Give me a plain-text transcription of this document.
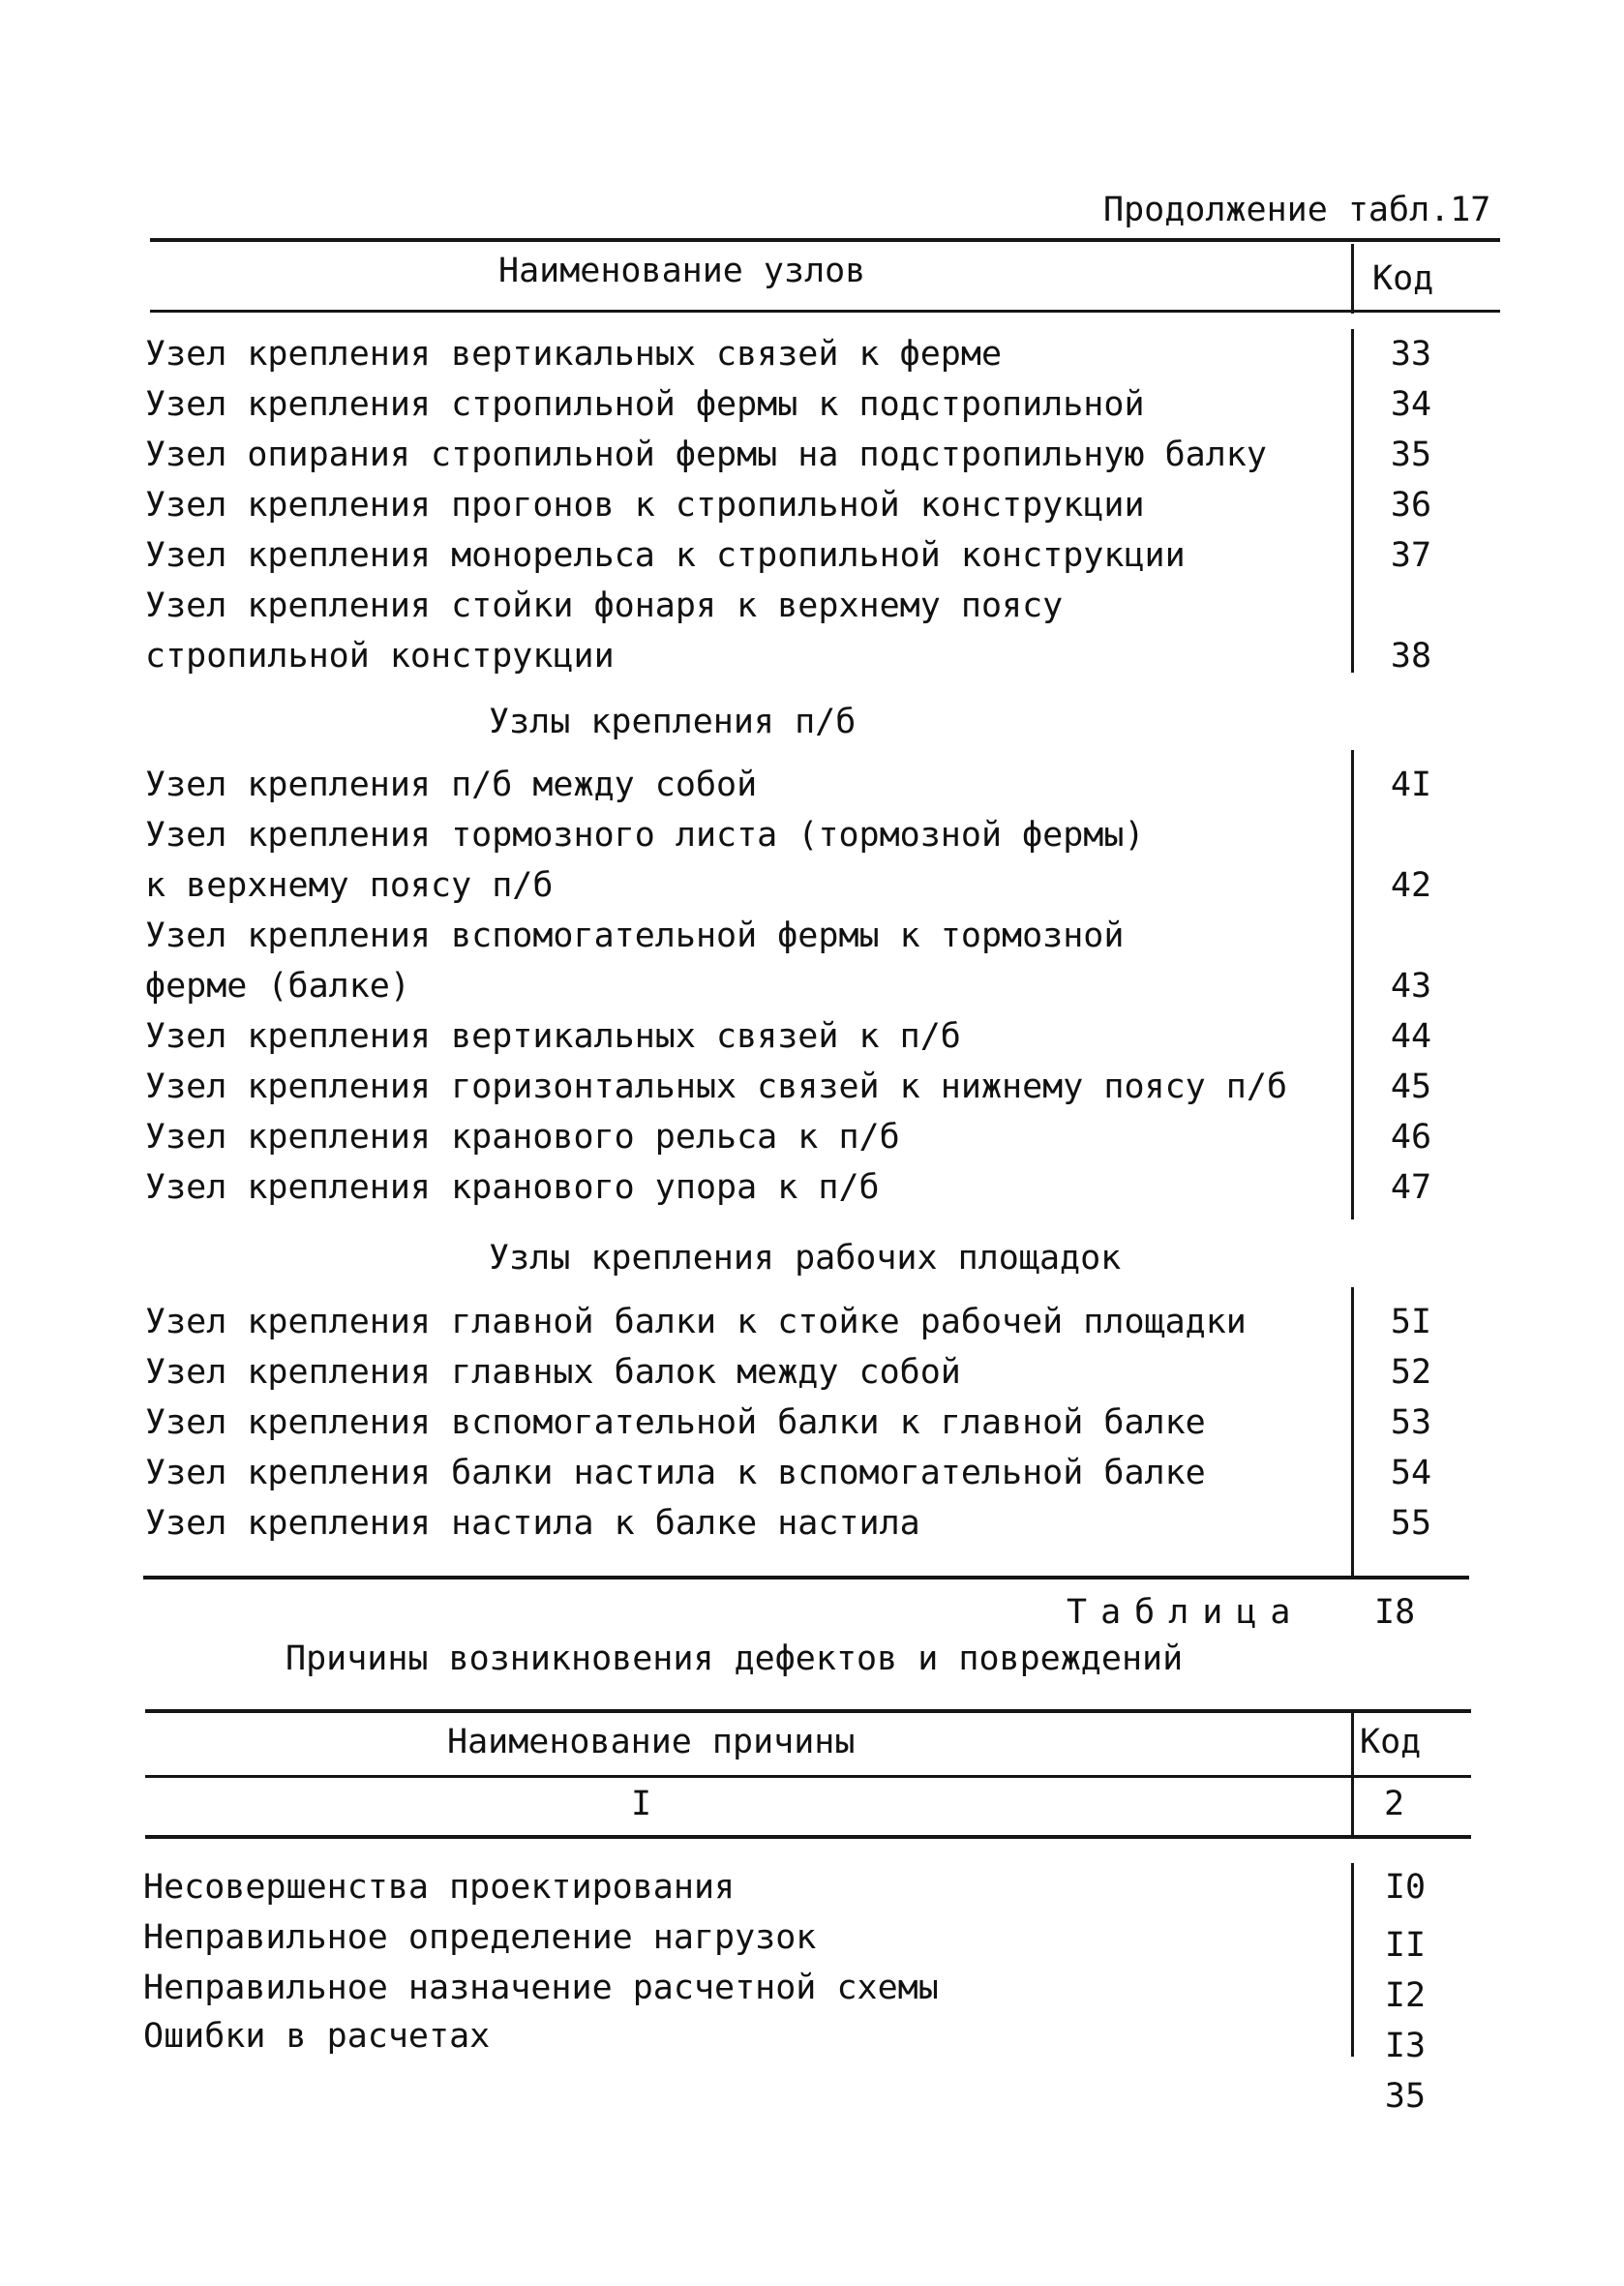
Продолжение табл.17
Наименование узлов	Код
Узел крепления вертикальных связей к ферме	33
Узел крепления стропильной фермы к подстропильной	34
Узел опирания стропильной фермы на подстропильную балку	35
Узел крепления прогонов к стропильной конструкции	36
Узел крепления монорельса к стропильной конструкции	37
Узел крепления стойки фонаря к верхнему поясу
стропильной конструкции	38
Узлы крепления п/б
Узел крепления п/б между собой	4I
Узел крепления тормозного листа (тормозной фермы)
к верхнему поясу п/б	42
Узел крепления вспомогательной фермы к тормозной
ферме (балке)	43
Узел крепления вертикальных связей к п/б	44
Узел крепления горизонтальных связей к нижнему поясу п/б	45
Узел крепления кранового рельса к п/б	46
Узел крепления кранового упора к п/б	47
Узлы крепления рабочих площадок
Узел крепления главной балки к стойке рабочей площадки	5I
Узел крепления главных балок между собой	52
Узел крепления вспомогательной балки к главной балке	53
Узел крепления балки настила к вспомогательной балке	54
Узел крепления настила к балке настила	55
Таблица I8
Причины возникновения дефектов и повреждений
Наименование причины	Код
I	2
Несовершенства проектирования	I0
Неправильное определение нагрузок	II
Неправильное назначение расчетной схемы	I2
Ошибки в расчетах	I3
35
